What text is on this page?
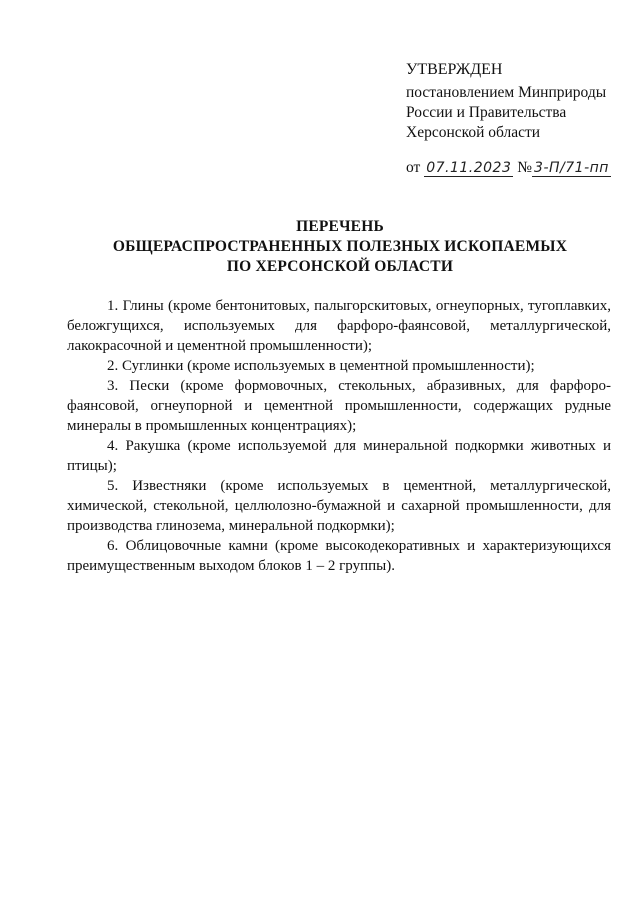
УТВЕРЖДЕН
постановлением Минприроды
России и Правительства
Херсонской области
от 07.11.2023 № 3-П/71-пп
ПЕРЕЧЕНЬ
ОБЩЕРАСПРОСТРАНЕННЫХ ПОЛЕЗНЫХ ИСКОПАЕМЫХ
ПО ХЕРСОНСКОЙ ОБЛАСТИ

1. Глины (кроме бентонитовых, палыгорскитовых, огнеупорных, тугоплавких, беложгущихся, используемых для фарфоро-фаянсовой, металлургической, лакокрасочной и цементной промышленности);

2. Суглинки (кроме используемых в цементной промышленности);

3. Пески (кроме формовочных, стекольных, абразивных, для фарфоро-фаянсовой, огнеупорной и цементной промышленности, содержащих рудные минералы в промышленных концентрациях);

4. Ракушка (кроме используемой для минеральной подкормки животных и птицы);

5. Известняки (кроме используемых в цементной, металлургической, химической, стекольной, целлюлозно-бумажной и сахарной промышленности, для производства глинозема, минеральной подкормки);

6. Облицовочные камни (кроме высокодекоративных и характеризующихся преимущественным выходом блоков 1 – 2 группы).
